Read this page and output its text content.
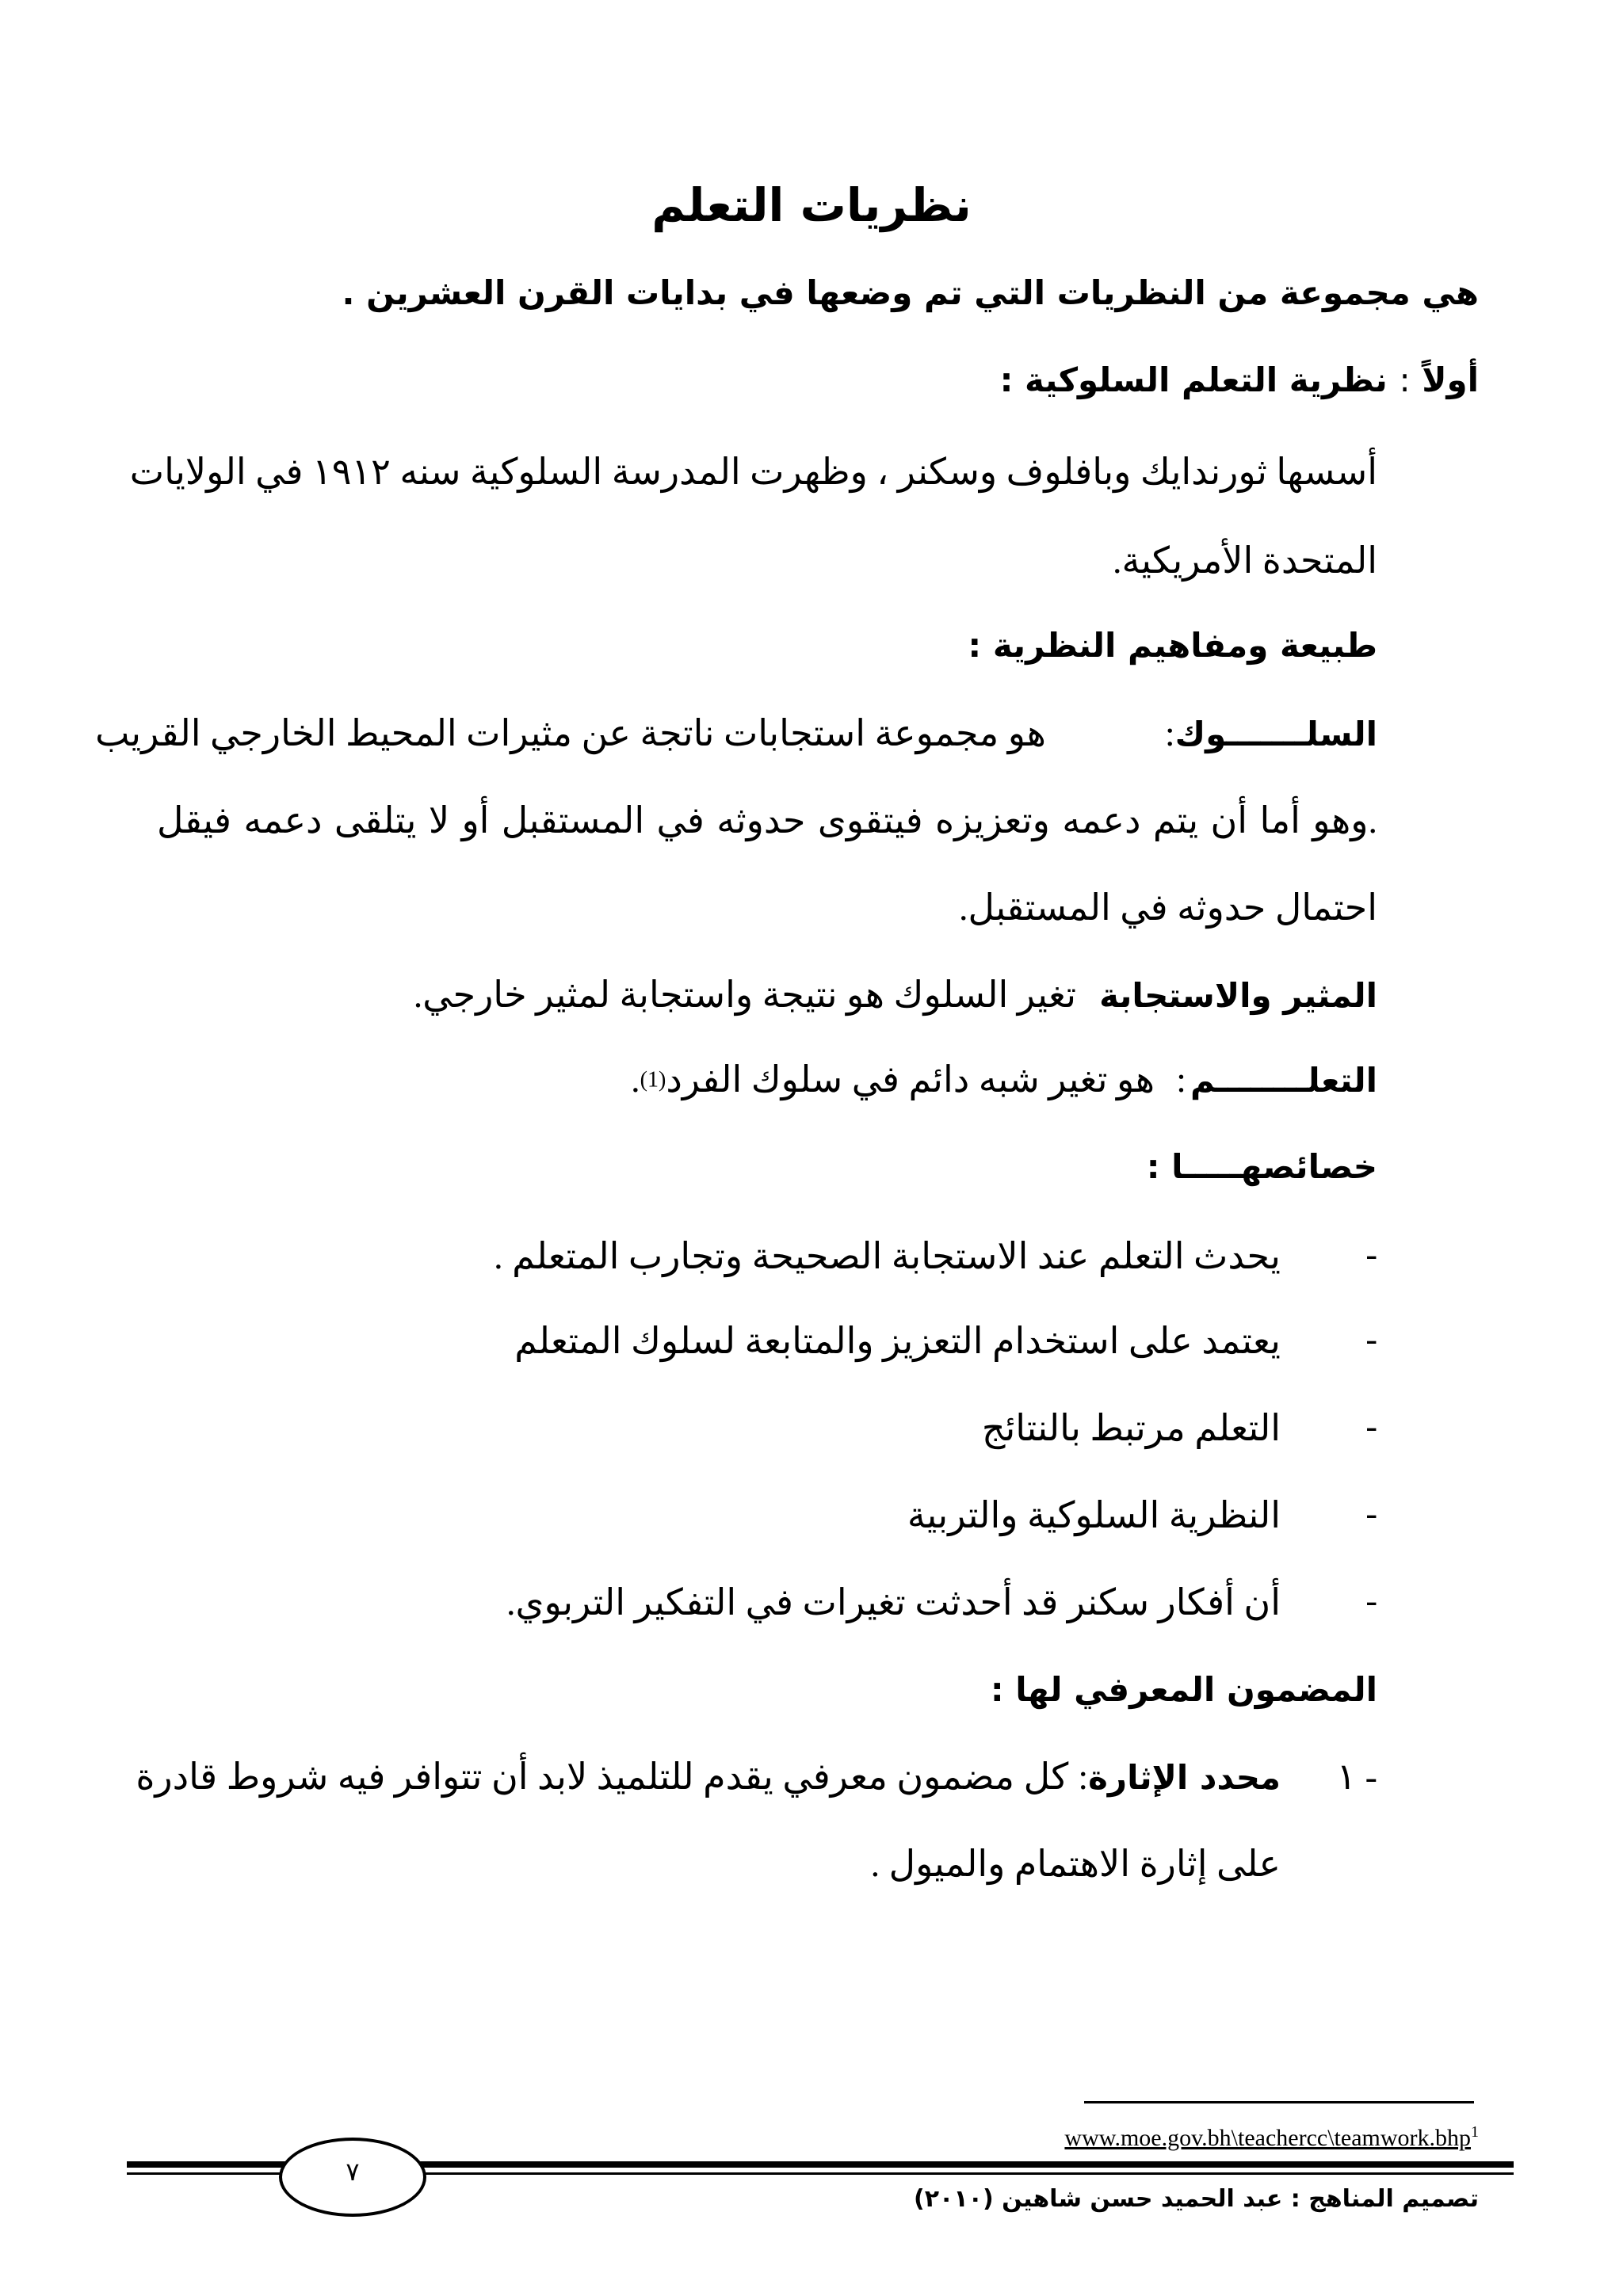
نظريات التعلم
هي مجموعة من النظريات التي تم وضعها في بدايات القرن العشرين .
أولاً : نظرية التعلم السلوكية :
أسسها ثورندايك وبافلوف وسكنر ، وظهرت المدرسة السلوكية سنه ١٩١٢ في الولايات
المتحدة الأمريكية.
طبيعة ومفاهيم النظرية :
السلـــــــوك
:
هو مجموعة استجابات ناتجة عن مثيرات المحيط الخارجي القريب
.وهو أما أن يتم دعمه وتعزيزه فيتقوى حدوثه في المستقبل أو لا يتلقى دعمه فيقل
احتمال حدوثه في المستقبل.
المثير والاستجابة تغير السلوك هو نتيجة واستجابة لمثير خارجي.
التعلــــــــم : هو تغير شبه دائم في سلوك الفرد$^{(1)}$.
خصائصهـــــا :
-
يحدث التعلم عند الاستجابة الصحيحة وتجارب المتعلم .
-
يعتمد على استخدام التعزيز والمتابعة لسلوك المتعلم
-
التعلم مرتبط بالنتائج
-
النظرية السلوكية والتربية
-
أن أفكار سكنر قد أحدثت تغيرات في التفكير التربوي.
المضمون المعرفي لها :
١ -
محدد الإثارة
:
كل مضمون معرفي يقدم للتلميذ لابد أن تتوافر فيه شروط قادرة
على إثارة الاهتمام والميول .
www.moe.gov.bh\teachercc\teamwork.bhp$^1$
٧
تصميم المناهج : عبد الحميد حسن شاهين (٢٠١٠)
